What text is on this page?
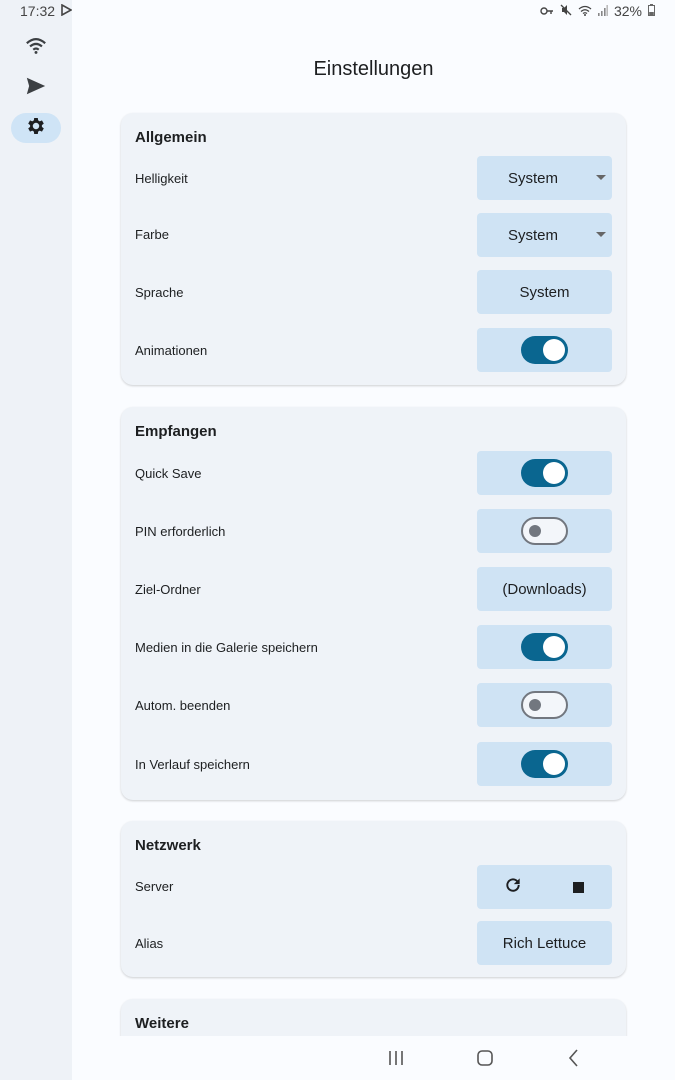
17:32	32%
Einstellungen
Allgemein
Helligkeit	System
Farbe	System
Sprache	System
Animationen
Empfangen
Quick Save
PIN erforderlich
Ziel-Ordner	(Downloads)
Medien in die Galerie speichern
Autom. beenden
In Verlauf speichern
Netzwerk
Server
Alias	Rich Lettuce
Weitere
